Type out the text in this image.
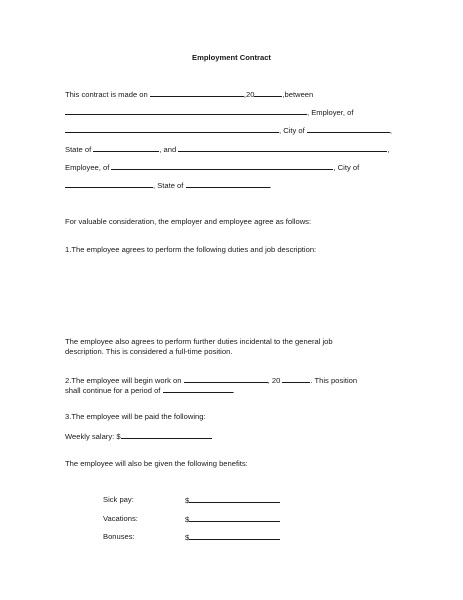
Employment Contract
This contract is made on	,20	,between
, Employer, of
, City of	,
State of	, and	,
Employee, of	, City of
, State of	.
For valuable consideration, the employer and employee agree as follows:
1.The employee agrees to perform the following duties and job description:
The employee also agrees to perform further duties incidental to the general job
description. This is considered a full-time position.
2.The employee will begin work on	, 20	. This position
shall continue for a period of	.
3.The employee will be paid the following:
Weekly salary: $
The employee will also be given the following benefits:
Sick pay:	$
Vacations:	$
Bonuses:	$
